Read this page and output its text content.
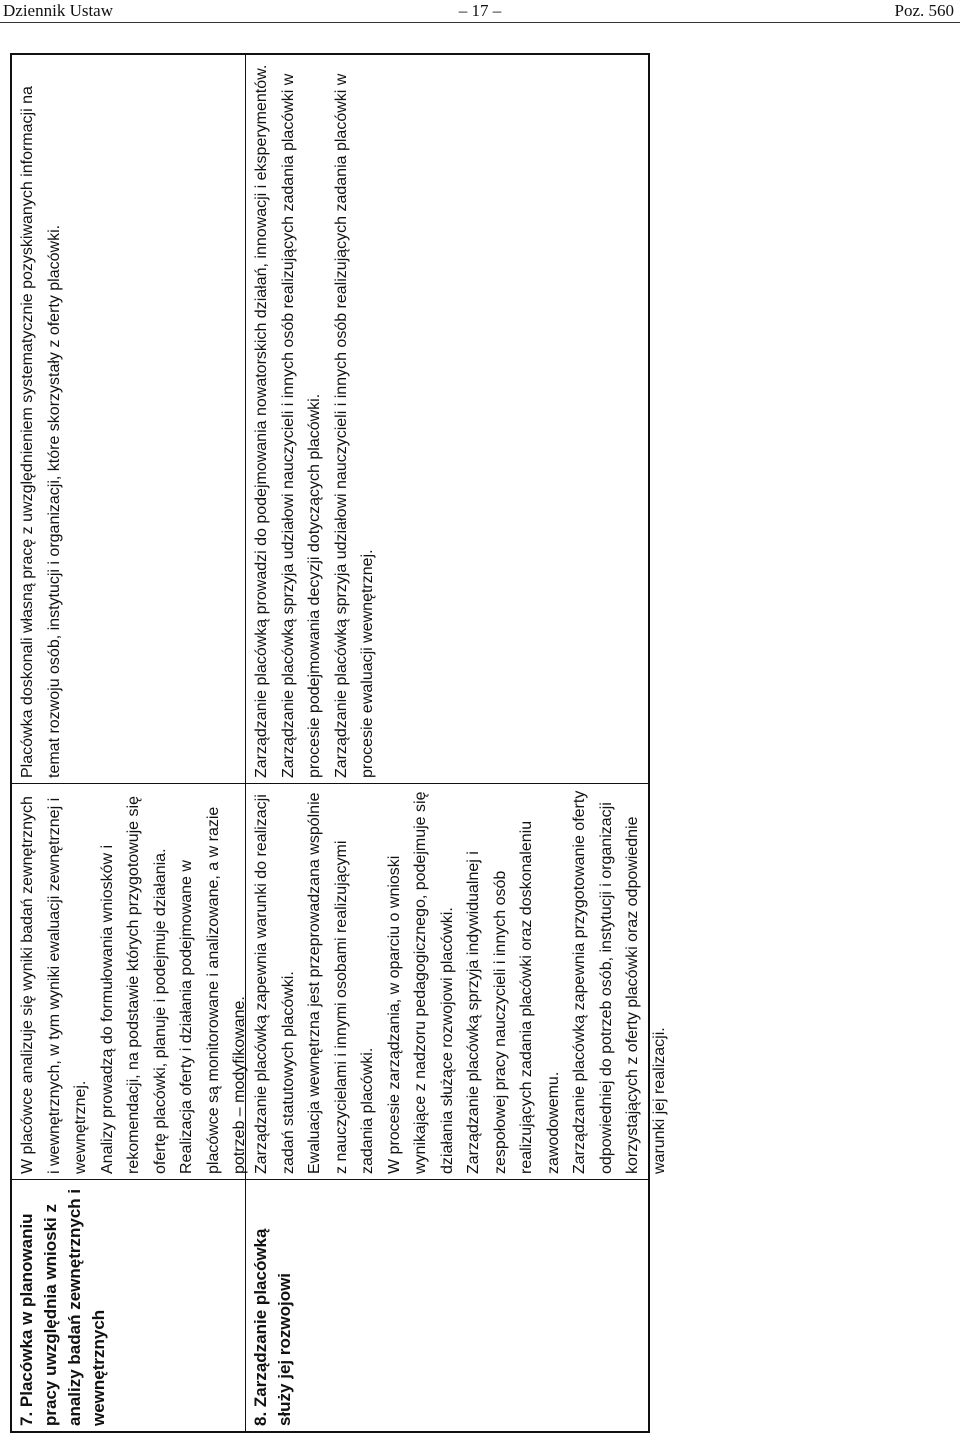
Dziennik Ustaw	– 17 –	Poz. 560
7. Placówka w planowaniu pracy uwzględnia wnioski z analizy badań zewnętrznych i wewnętrznych

W placówce analizuje się wyniki badań zewnętrznych i wewnętrznych, w tym wyniki ewaluacji zewnętrznej i wewnętrznej. Analizy prowadzą do formułowania wniosków i rekomendacji, na podstawie których przygotowuje się ofertę placówki, planuje i podejmuje działania. Realizacja oferty i działania podejmowane w placówce są monitorowane i analizowane, a w razie potrzeb – modyfikowane.

Placówka doskonali własną pracę z uwzględnieniem systematycznie pozyskiwanych informacji na temat rozwoju osób, instytucji i organizacji, które skorzystały z oferty placówki.

8. Zarządzanie placówką służy jej rozwojowi

Zarządzanie placówką zapewnia warunki do realizacji zadań statutowych placówki. Ewaluacja wewnętrzna jest przeprowadzana wspólnie z nauczycielami i innymi osobami realizującymi zadania placówki. W procesie zarządzania, w oparciu o wnioski wynikające z nadzoru pedagogicznego, podejmuje się działania służące rozwojowi placówki. Zarządzanie placówką sprzyja indywidualnej i zespołowej pracy nauczycieli i innych osób realizujących zadania placówki oraz doskonaleniu zawodowemu. Zarządzanie placówką zapewnia przygotowanie oferty odpowiedniej do potrzeb osób, instytucji i organizacji korzystających z oferty placówki oraz odpowiednie warunki jej realizacji.

Zarządzanie placówką prowadzi do podejmowania nowatorskich działań, innowacji i eksperymentów. Zarządzanie placówką sprzyja udziałowi nauczycieli i innych osób realizujących zadania placówki w procesie podejmowania decyzji dotyczących placówki. Zarządzanie placówką sprzyja udziałowi nauczycieli i innych osób realizujących zadania placówki w procesie ewaluacji wewnętrznej.
